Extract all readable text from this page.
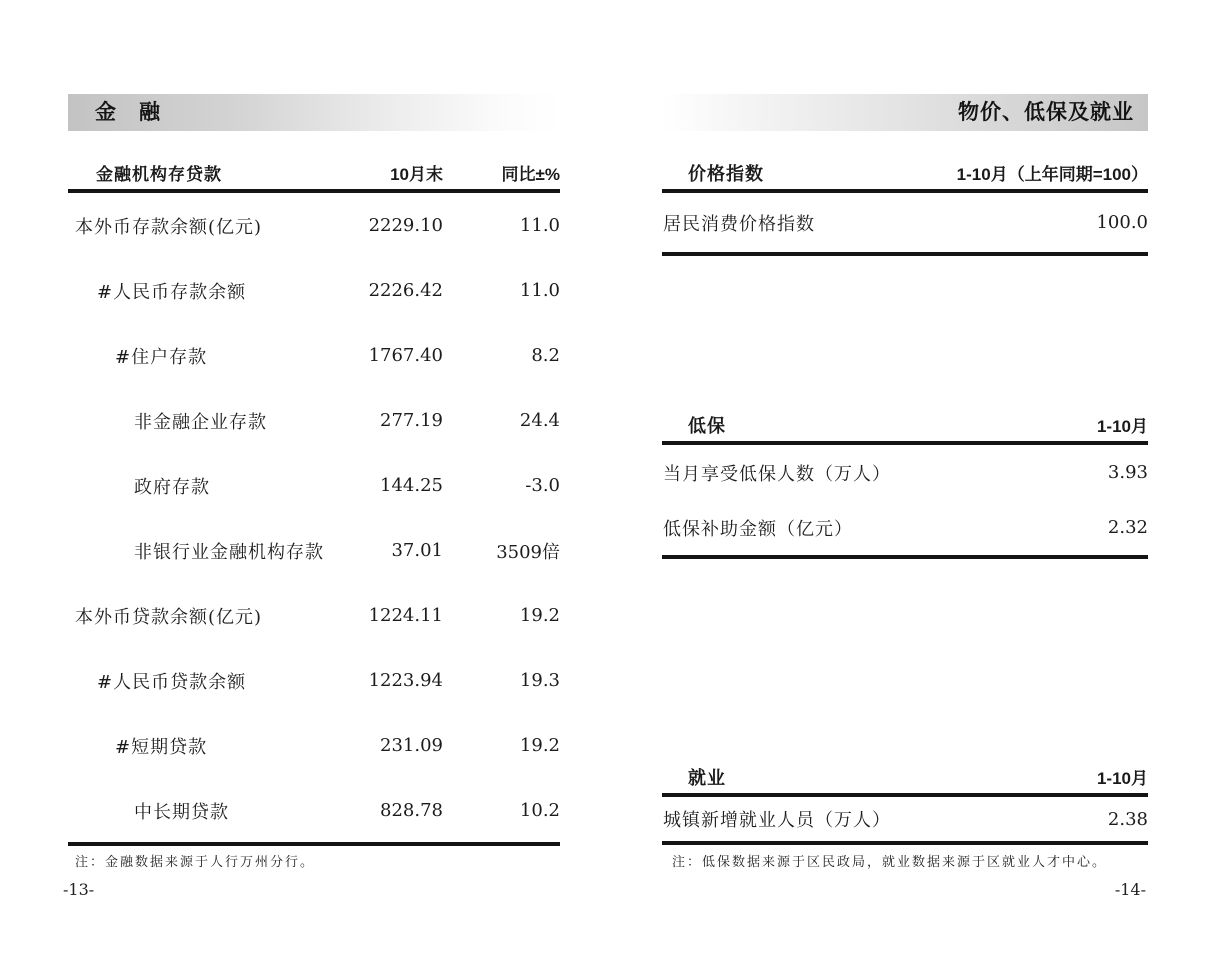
金　融
金融机构存贷款	10月末	同比±%
本外币存款余额(亿元)	2229.10	11.0
#人民币存款余额	2226.42	11.0
#住户存款	1767.40	8.2
非金融企业存款	277.19	24.4
政府存款	144.25	-3.0
非银行业金融机构存款	37.01	3509倍
本外币贷款余额(亿元)	1224.11	19.2
#人民币贷款余额	1223.94	19.3
#短期贷款	231.09	19.2
中长期贷款	828.78	10.2
注：金融数据来源于人行万州分行。
-13-
物价、低保及就业
价格指数	1-10月（上年同期=100）
居民消费价格指数	100.0
低保	1-10月
当月享受低保人数（万人）	3.93
低保补助金额（亿元）	2.32
就业	1-10月
城镇新增就业人员（万人）	2.38
注：低保数据来源于区民政局，就业数据来源于区就业人才中心。
-14-
